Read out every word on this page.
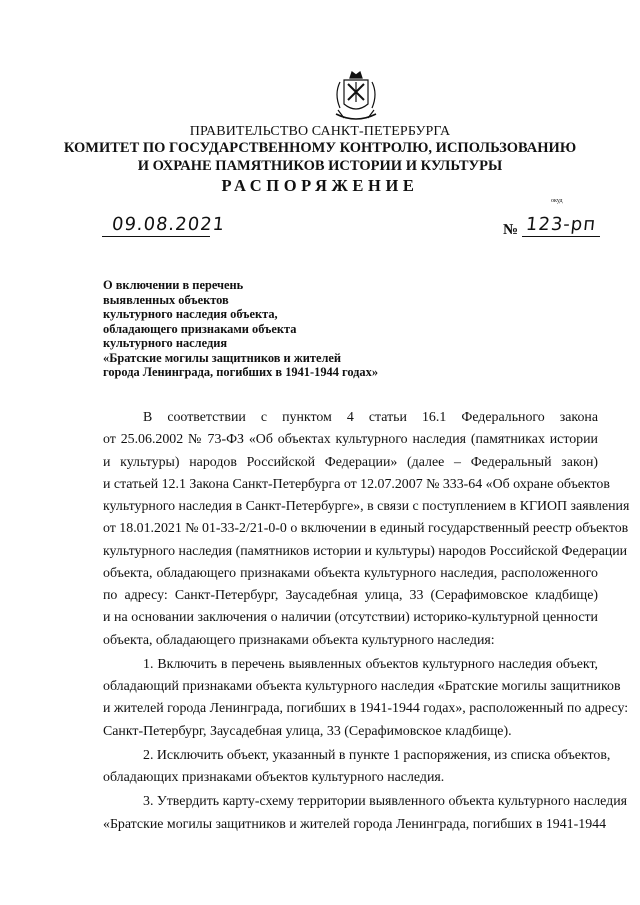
ПРАВИТЕЛЬСТВО САНКТ-ПЕТЕРБУРГА
КОМИТЕТ ПО ГОСУДАРСТВЕННОМУ КОНТРОЛЮ, ИСПОЛЬЗОВАНИЮ
И ОХРАНЕ ПАМЯТНИКОВ ИСТОРИИ И КУЛЬТУРЫ
РАСПОРЯЖЕНИЕ
окуд
09.08.2021	№ 123-рп
О включении в перечень
выявленных объектов
культурного наследия объекта,
обладающего признаками объекта
культурного наследия
«Братские могилы защитников и жителей
города Ленинграда, погибших в 1941-1944 годах»
В соответствии с пунктом 4 статьи 16.1 Федерального закона
от 25.06.2002 № 73-ФЗ «Об объектах культурного наследия (памятниках истории
и культуры) народов Российской Федерации» (далее – Федеральный закон)
и статьей 12.1 Закона Санкт-Петербурга от 12.07.2007 № 333-64 «Об охране объектов
культурного наследия в Санкт-Петербурге», в связи с поступлением в КГИОП заявления
от 18.01.2021 № 01-33-2/21-0-0 о включении в единый государственный реестр объектов
культурного наследия (памятников истории и культуры) народов Российской Федерации
объекта, обладающего признаками объекта культурного наследия, расположенного
по адресу: Санкт-Петербург, Заусадебная улица, 33 (Серафимовское кладбище)
и на основании заключения о наличии (отсутствии) историко-культурной ценности
объекта, обладающего признаками объекта культурного наследия:
1. Включить в перечень выявленных объектов культурного наследия объект,
обладающий признаками объекта культурного наследия «Братские могилы защитников
и жителей города Ленинграда, погибших в 1941-1944 годах», расположенный по адресу:
Санкт-Петербург, Заусадебная улица, 33 (Серафимовское кладбище).
2. Исключить объект, указанный в пункте 1 распоряжения, из списка объектов,
обладающих признаками объектов культурного наследия.
3. Утвердить карту-схему территории выявленного объекта культурного наследия
«Братские могилы защитников и жителей города Ленинграда, погибших в 1941-1944
